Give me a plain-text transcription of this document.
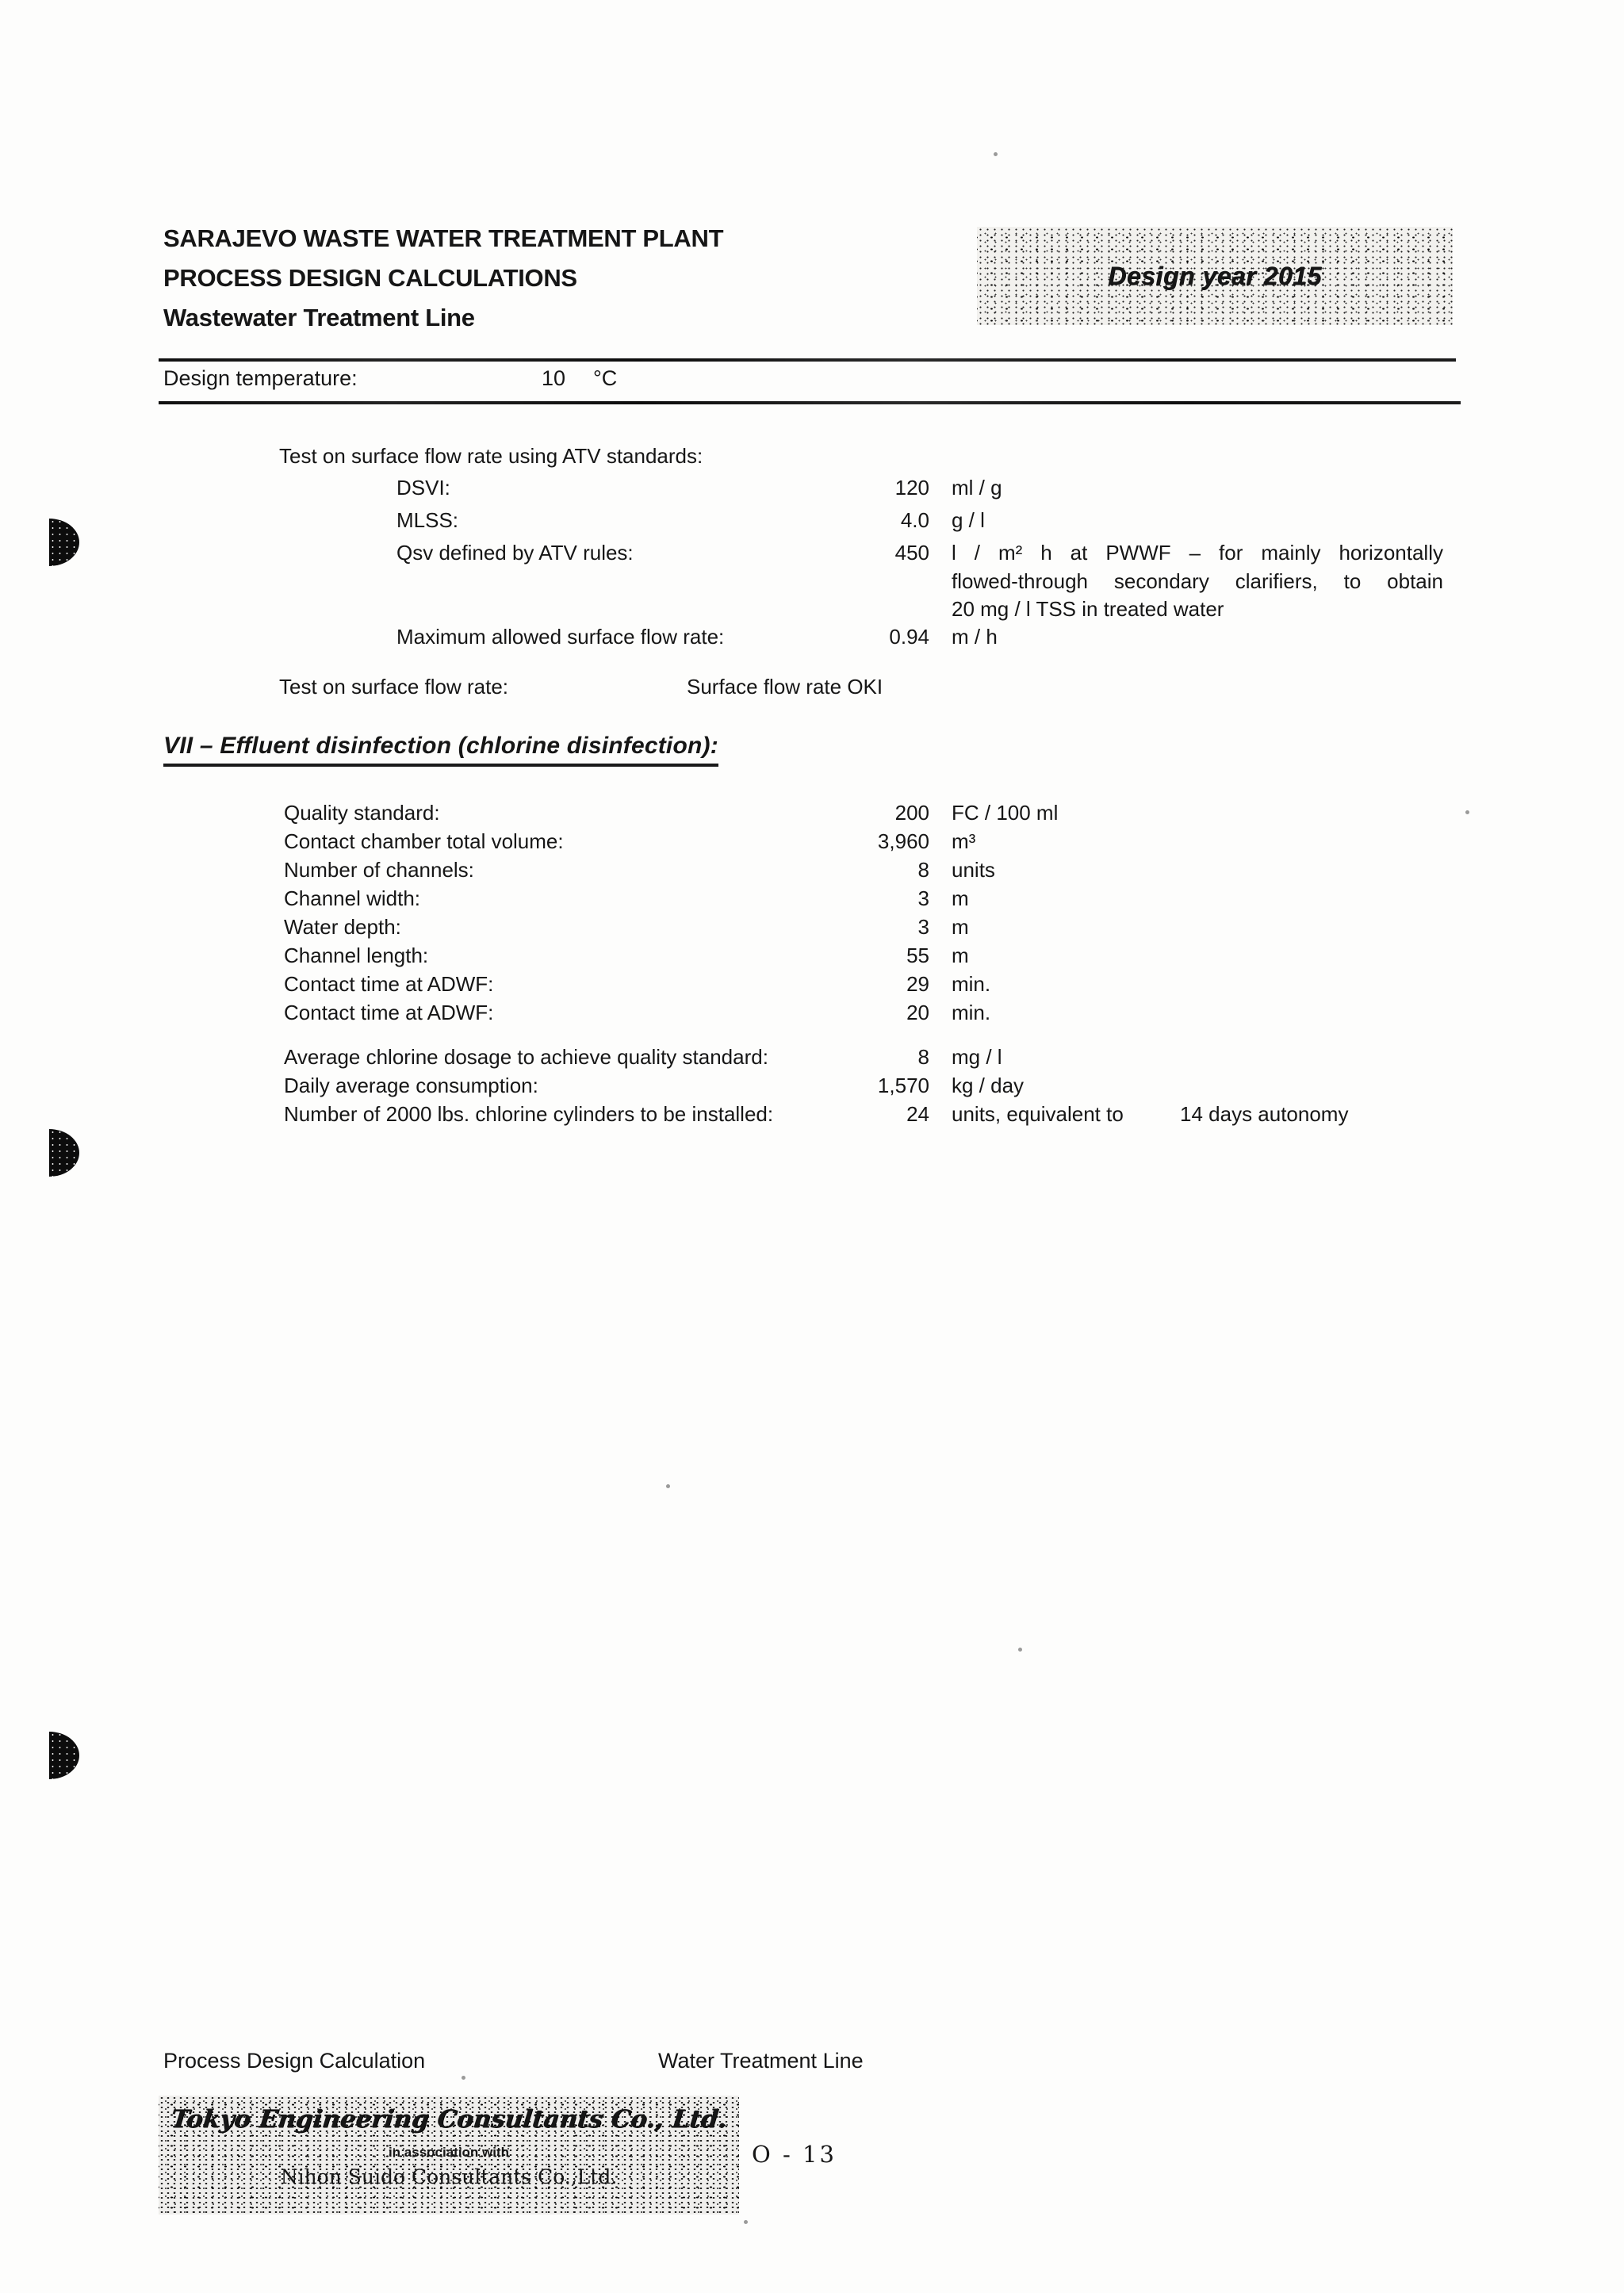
SARAJEVO WASTE WATER TREATMENT PLANT
PROCESS DESIGN CALCULATIONS
Wastewater Treatment Line
Design year 2015
Design temperature:	10 °C
Test on surface flow rate using ATV standards:
DSVI:	120 ml / g
MLSS:	4.0 g / l
Qsv defined by ATV rules:	450 l / m² h at PWWF – for mainly horizontally
flowed-through secondary clarifiers, to obtain
20 mg / l TSS in treated water
Maximum allowed surface flow rate:	0.94 m / h
Test on surface flow rate:	Surface flow rate OKI
VII – Effluent disinfection (chlorine disinfection):
Quality standard:	200 FC / 100 ml
Contact chamber total volume:	3,960 m³
Number of channels:	8 units
Channel width:	3 m
Water depth:	3 m
Channel length:	55 m
Contact time at ADWF:	29 min.
Contact time at ADWF:	20 min.
Average chlorine dosage to achieve quality standard:	8 mg / l
Daily average consumption:	1,570 kg / day
Number of 2000 lbs. chlorine cylinders to be installed:	24 units, equivalent to	14 days autonomy
Process Design Calculation	Water Treatment Line
Tokyo Engineering Consultants Co., Ltd.
in association with
Nihon Suido Consultants Co.,Ltd.
O - 13
